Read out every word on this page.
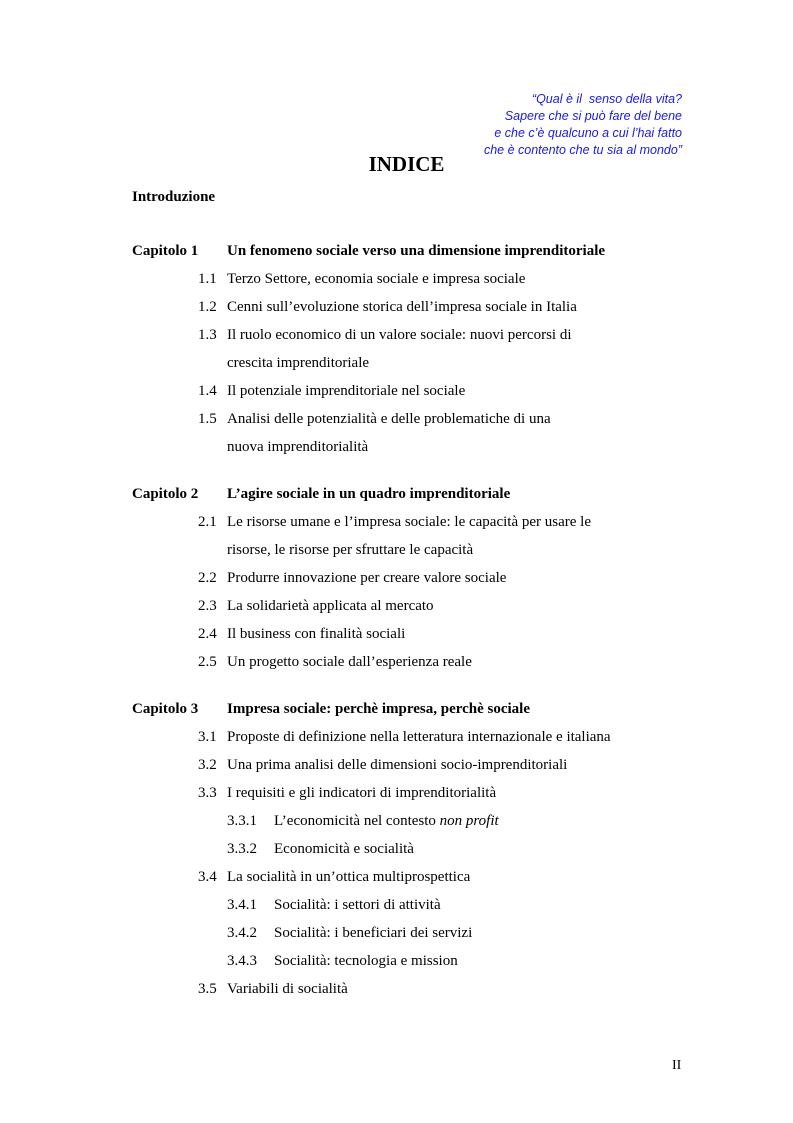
“Qual è il  senso della vita?
Sapere che si può fare del bene
e che c’è qualcuno a cui l’hai fatto
che è contento che tu sia al mondo”
INDICE
Introduzione
Capitolo 1 Un fenomeno sociale verso una dimensione imprenditoriale
1.1 Terzo Settore, economia sociale e impresa sociale
1.2 Cenni sull’evoluzione storica dell’impresa sociale in Italia
1.3 Il ruolo economico di un valore sociale: nuovi percorsi di
crescita imprenditoriale
1.4 Il potenziale imprenditoriale nel sociale
1.5 Analisi delle potenzialità e delle problematiche di una
nuova imprenditorialità
Capitolo 2 L’agire sociale in un quadro imprenditoriale
2.1 Le risorse umane e l’impresa sociale: le capacità per usare le
risorse, le risorse per sfruttare le capacità
2.2 Produrre innovazione per creare valore sociale
2.3 La solidarietà applicata al mercato
2.4 Il business con finalità sociali
2.5 Un progetto sociale dall’esperienza reale
Capitolo 3 Impresa sociale: perchè impresa, perchè sociale
3.1 Proposte di definizione nella letteratura internazionale e italiana
3.2 Una prima analisi delle dimensioni socio-imprenditoriali
3.3 I requisiti e gli indicatori di imprenditorialità
3.3.1 L’economicità nel contesto non profit
3.3.2 Economicità e socialità
3.4 La socialità in un’ottica multiprospettica
3.4.1 Socialità: i settori di attività
3.4.2 Socialità: i beneficiari dei servizi
3.4.3 Socialità: tecnologia e mission
3.5 Variabili di socialità
II
